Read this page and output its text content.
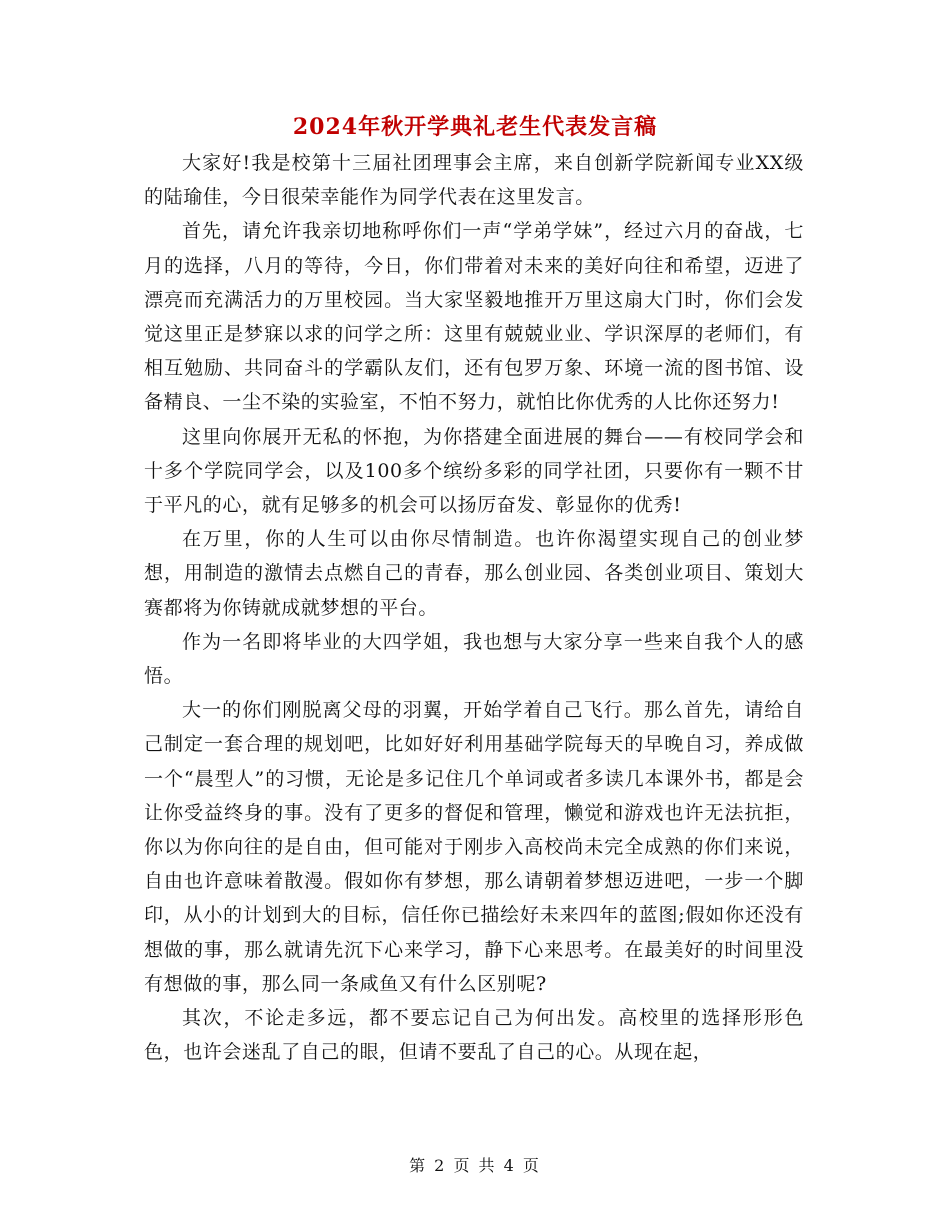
2024年秋开学典礼老生代表发言稿

大家好!我是校第十三届社团理事会主席，来自创新学院新闻专业XX级的陆瑜佳，今日很荣幸能作为同学代表在这里发言。

首先，请允许我亲切地称呼你们一声“学弟学妹”，经过六月的奋战，七月的选择，八月的等待，今日，你们带着对未来的美好向往和希望，迈进了漂亮而充满活力的万里校园。当大家坚毅地推开万里这扇大门时，你们会发觉这里正是梦寐以求的问学之所：这里有兢兢业业、学识深厚的老师们，有相互勉励、共同奋斗的学霸队友们，还有包罗万象、环境一流的图书馆、设备精良、一尘不染的实验室，不怕不努力，就怕比你优秀的人比你还努力!

这里向你展开无私的怀抱，为你搭建全面进展的舞台——有校同学会和十多个学院同学会，以及100多个缤纷多彩的同学社团，只要你有一颗不甘于平凡的心，就有足够多的机会可以扬厉奋发、彰显你的优秀!

在万里，你的人生可以由你尽情制造。也许你渴望实现自己的创业梦想，用制造的激情去点燃自己的青春，那么创业园、各类创业项目、策划大赛都将为你铸就成就梦想的平台。

作为一名即将毕业的大四学姐，我也想与大家分享一些来自我个人的感悟。

大一的你们刚脱离父母的羽翼，开始学着自己飞行。那么首先，请给自己制定一套合理的规划吧，比如好好利用基础学院每天的早晚自习，养成做一个“晨型人”的习惯，无论是多记住几个单词或者多读几本课外书，都是会让你受益终身的事。没有了更多的督促和管理，懒觉和游戏也许无法抗拒，你以为你向往的是自由，但可能对于刚步入高校尚未完全成熟的你们来说，自由也许意味着散漫。假如你有梦想，那么请朝着梦想迈进吧，一步一个脚印，从小的计划到大的目标，信任你已描绘好未来四年的蓝图;假如你还没有想做的事，那么就请先沉下心来学习，静下心来思考。在最美好的时间里没有想做的事，那么同一条咸鱼又有什么区别呢?

其次，不论走多远，都不要忘记自己为何出发。高校里的选择形形色色，也许会迷乱了自己的眼，但请不要乱了自己的心。从现在起，

第 2 页 共 4 页
